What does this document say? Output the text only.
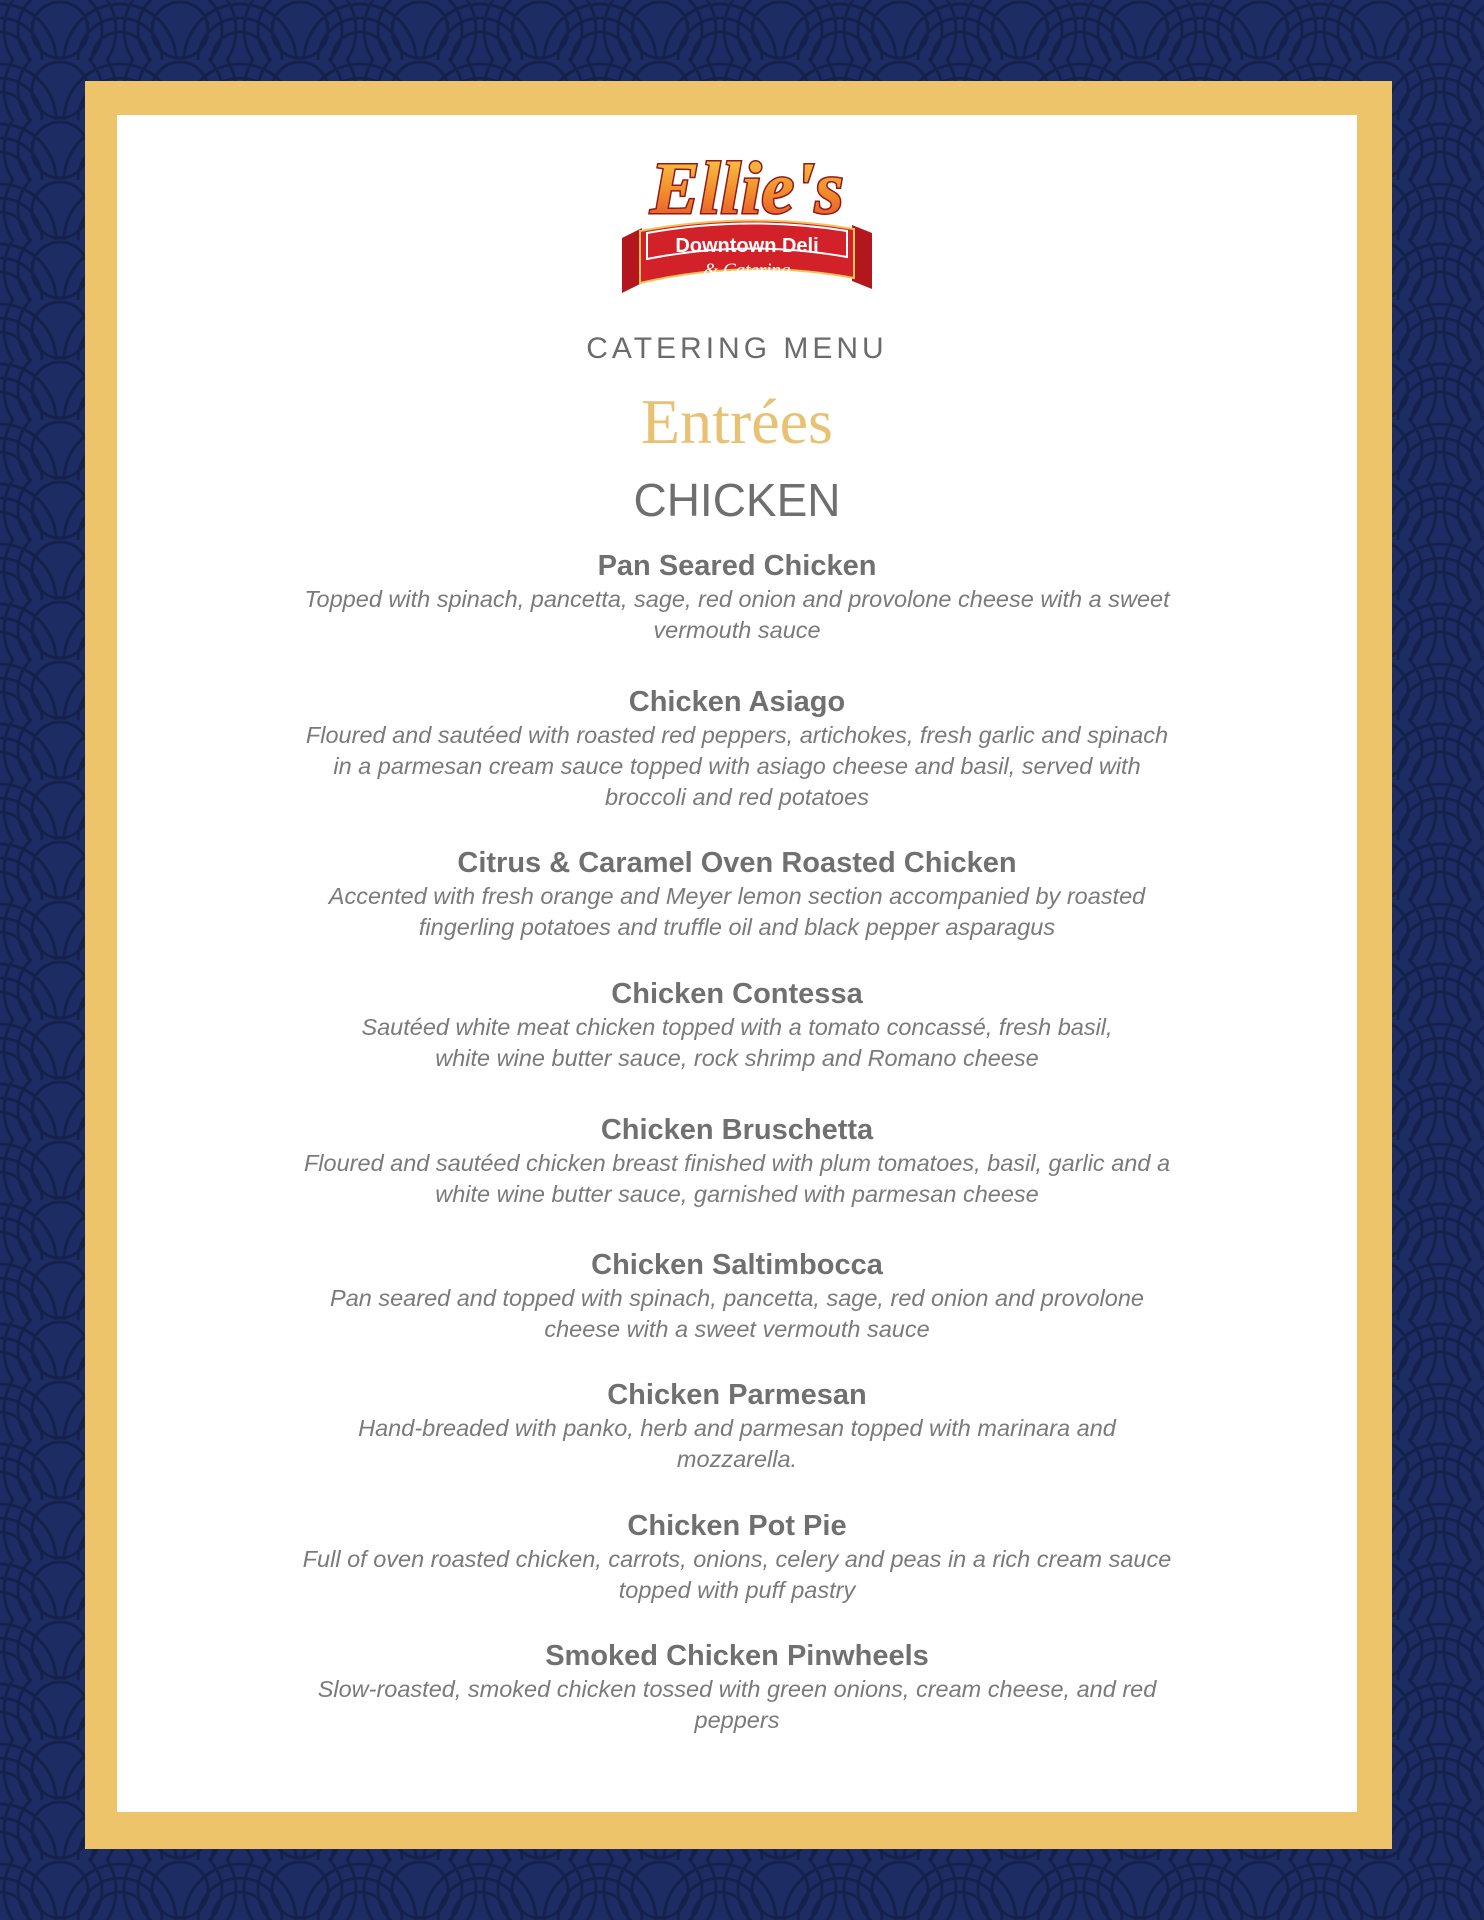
Downtown Deli
& Catering
Ellie's
CATERING MENU
Entrées
CHICKEN
Pan Seared Chicken
Topped with spinach, pancetta, sage, red onion and provolone cheese with a sweet
vermouth sauce
Chicken Asiago
Floured and sautéed with roasted red peppers, artichokes, fresh garlic and spinach
in a parmesan cream sauce topped with asiago cheese and basil, served with
broccoli and red potatoes
Citrus & Caramel Oven Roasted Chicken
Accented with fresh orange and Meyer lemon section accompanied by roasted
fingerling potatoes and truffle oil and black pepper asparagus
Chicken Contessa
Sautéed white meat chicken topped with a tomato concassé, fresh basil,
white wine butter sauce, rock shrimp and Romano cheese
Chicken Bruschetta
Floured and sautéed chicken breast finished with plum tomatoes, basil, garlic and a
white wine butter sauce, garnished with parmesan cheese
Chicken Saltimbocca
Pan seared and topped with spinach, pancetta, sage, red onion and provolone
cheese with a sweet vermouth sauce
Chicken Parmesan
Hand-breaded with panko, herb and parmesan topped with marinara and
mozzarella.
Chicken Pot Pie
Full of oven roasted chicken, carrots, onions, celery and peas in a rich cream sauce
topped with puff pastry
Smoked Chicken Pinwheels
Slow-roasted, smoked chicken tossed with green onions, cream cheese, and red
peppers
